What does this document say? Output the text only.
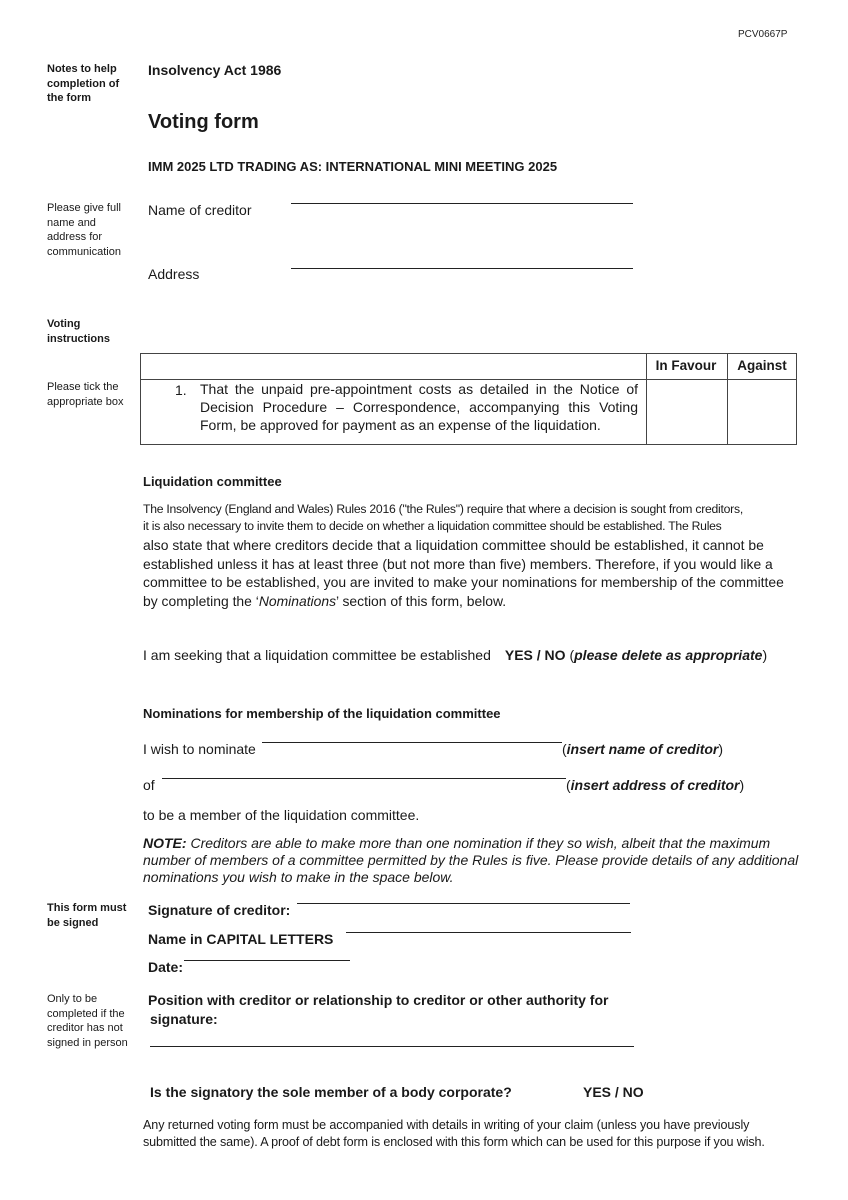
PCV0667P
Notes to help completion of the form
Please give full name and address for communication
Voting instructions
Please tick the appropriate box
This form must be signed
Only to be completed if the creditor has not signed in person
Insolvency Act 1986
Voting form
IMM 2025 LTD TRADING AS: INTERNATIONAL MINI MEETING 2025
Name of creditor
Address
In Favour	Against
1. That the unpaid pre-appointment costs as detailed in the Notice of Decision Procedure – Correspondence, accompanying this Voting Form, be approved for payment as an expense of the liquidation.
Liquidation committee
The Insolvency (England and Wales) Rules 2016 ("the Rules") require that where a decision is sought from creditors,
it is also necessary to invite them to decide on whether a liquidation committee should be established. The Rules
also state that where creditors decide that a liquidation committee should be established, it cannot be established unless it has at least three (but not more than five) members. Therefore, if you would like a committee to be established, you are invited to make your nominations for membership of the committee by completing the ‘Nominations’ section of this form, below.
I am seeking that a liquidation committee be established YES / NO (please delete as appropriate)
Nominations for membership of the liquidation committee
I wish to nominate	(insert name of creditor)
of	(insert address of creditor)
to be a member of the liquidation committee.
NOTE: Creditors are able to make more than one nomination if they so wish, albeit that the maximum number of members of a committee permitted by the Rules is five. Please provide details of any additional nominations you wish to make in the space below.
Signature of creditor:
Name in CAPITAL LETTERS
Date:
Position with creditor or relationship to creditor or other authority for
signature:
Is the signatory the sole member of a body corporate?	YES / NO
Any returned voting form must be accompanied with details in writing of your claim (unless you have previously
submitted the same). A proof of debt form is enclosed with this form which can be used for this purpose if you wish.
